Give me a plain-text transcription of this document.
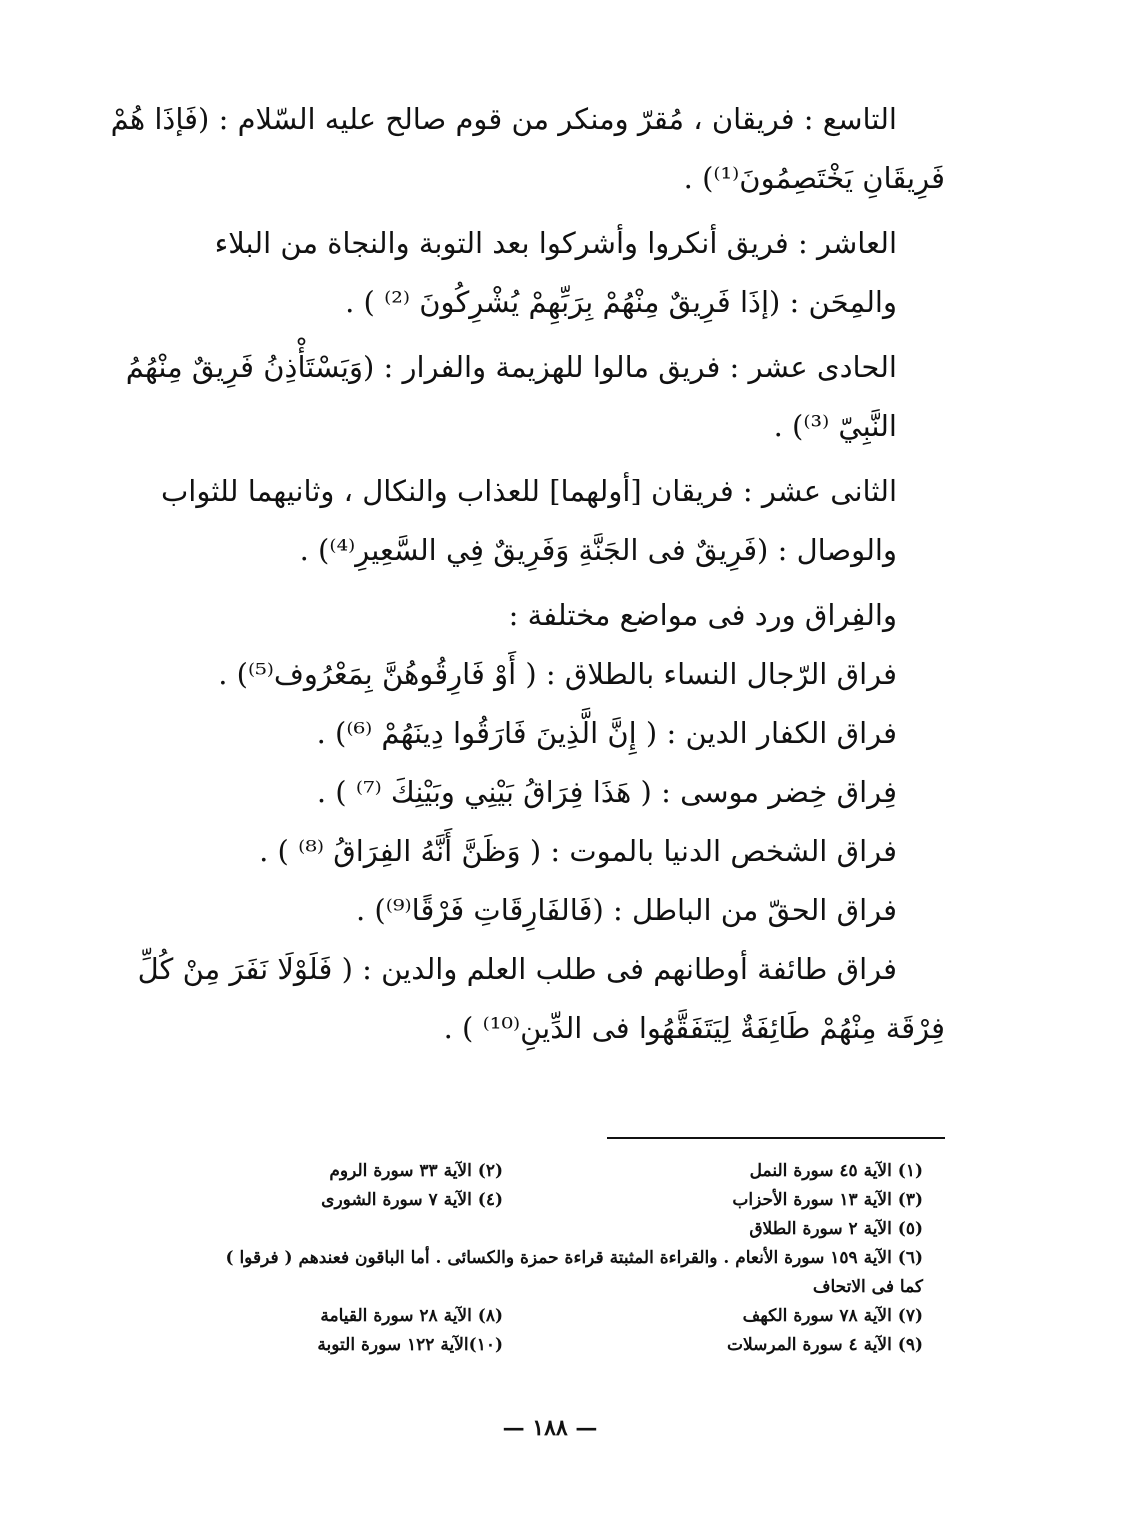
التاسع : فريقان ، مُقرّ ومنكر من قوم صالح عليه السّلام : (فَإذَا هُمْ
فَرِيقَانِ يَخْتَصِمُونَ⁽¹⁾) .

العاشر : فريق أنكروا وأشركوا بعد التوبة والنجاة من البلاء
والمِحَن : (إذَا فَرِيقٌ مِنْهُمْ بِرَبِّهِمْ يُشْرِكُونَ ⁽²⁾ ) .

الحادى عشر : فريق مالوا للهزيمة والفرار : (وَيَسْتَأْذِنُ فَرِيقٌ مِنْهُمُ
النَّبِيّ ⁽³⁾) .

الثانى عشر : فريقان [أولهما] للعذاب والنكال ، وثانيهما للثواب
والوصال : (فَرِيقٌ فى الجَنَّةِ وَفَرِيقٌ فِي السَّعِيرِ⁽⁴⁾) .

والفِراق ورد فى مواضع مختلفة :
فراق الرّجال النساء بالطلاق : ( أَوْ فَارِقُوهُنَّ بِمَعْرُوف⁽⁵⁾) .
فراق الكفار الدين : ( إِنَّ الَّذِينَ فَارَقُوا دِينَهُمْ ⁽⁶⁾) .
فِراق خِضر موسى : ( هَذَا فِرَاقُ بَيْنِي وبَيْنِكَ ⁽⁷⁾ ) .
فراق الشخص الدنيا بالموت : ( وَظَنَّ أَنَّهُ الفِرَاقُ ⁽⁸⁾ ) .
فراق الحقّ من الباطل : (فَالفَارِقَاتِ فَرْقًا⁽⁹⁾) .

فراق طائفة أوطانهم فى طلب العلم والدين : ( فَلَوْلَا نَفَرَ مِنْ كُلِّ
فِرْقَة مِنْهُمْ طَائِفَةٌ لِيَتَفَقَّهُوا فى الدِّينِ⁽¹⁰⁾ ) .

(١) الآية ٤٥ سورة النمل
(٢) الآية ٣٣ سورة الروم
(٣) الآية ١٣ سورة الأحزاب
(٤) الآية ٧ سورة الشورى
(٥) الآية ٢ سورة الطلاق
(٦) الآية ١٥٩ سورة الأنعام . والقراءة المثبتة قراءة حمزة والكسائى . أما الباقون فعندهم ( فرقوا )
كما فى الاتحاف
(٧) الآية ٧٨ سورة الكهف
(٨) الآية ٢٨ سورة القيامة
(٩) الآية ٤ سورة المرسلات
(١٠)الآية ١٢٢ سورة التوبة
— ١٨٨ —
